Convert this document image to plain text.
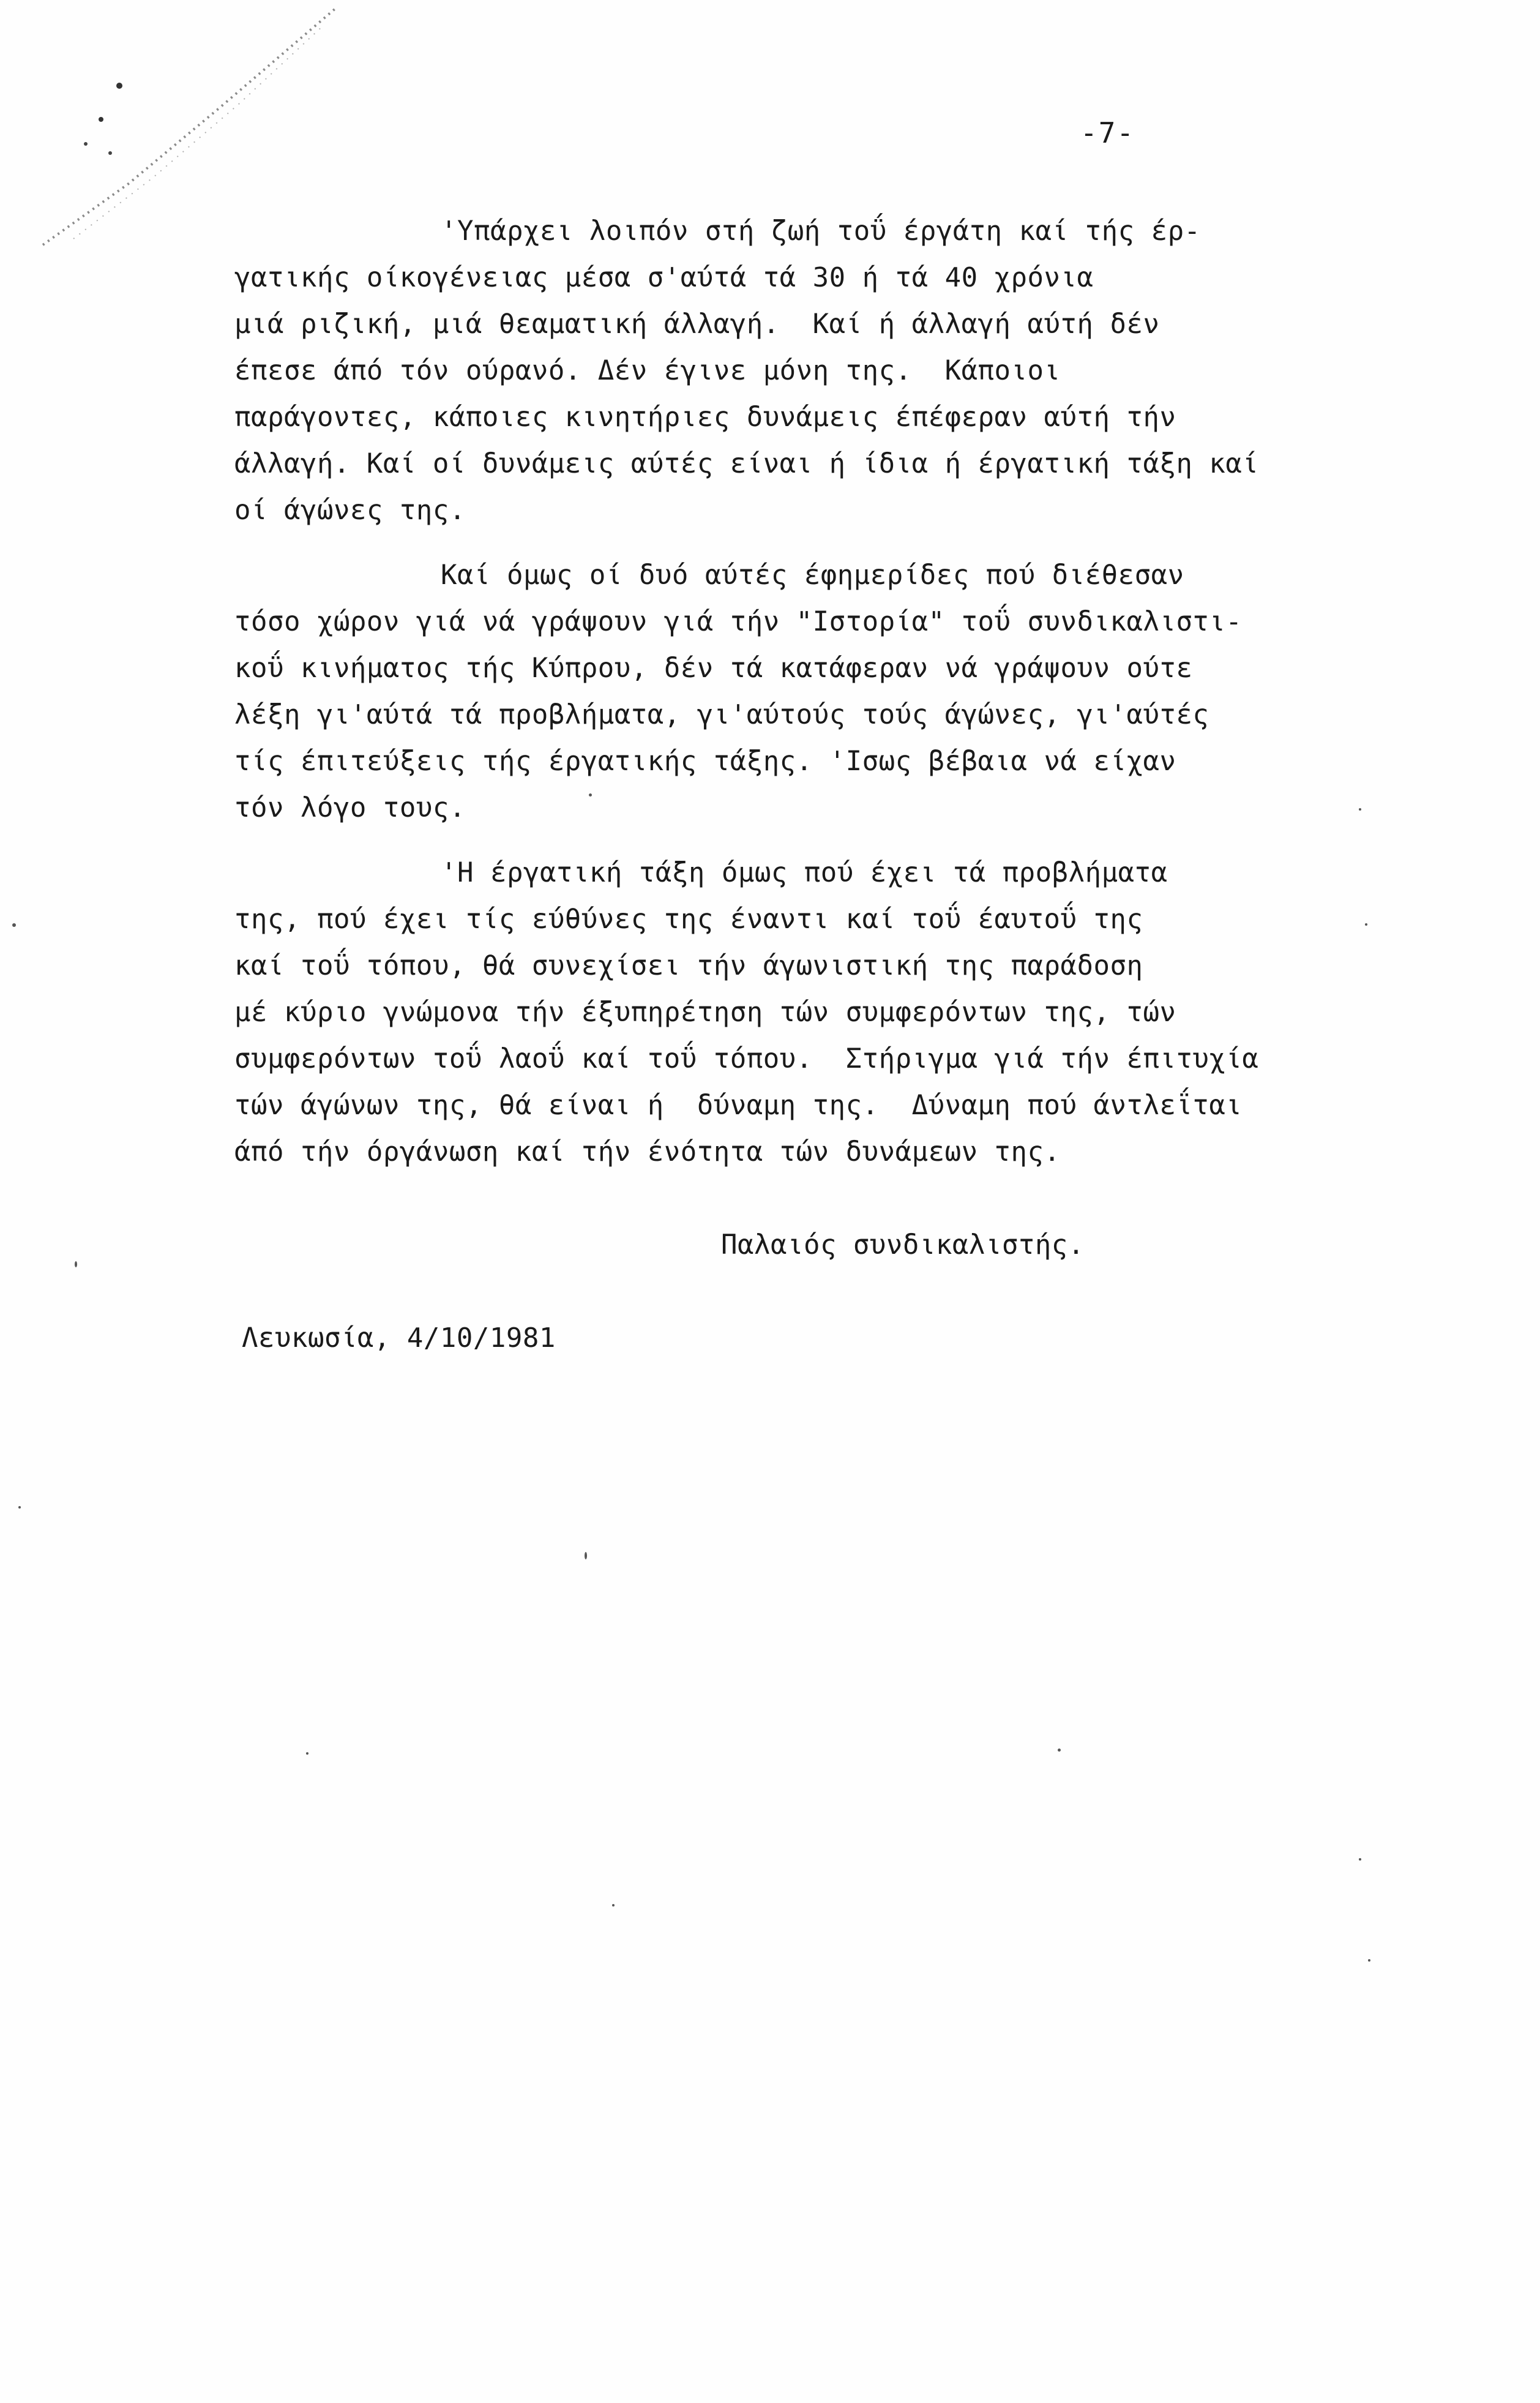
-7-
'Υπάρχει λοιπόν στή ζωή τοΰ έργάτη καί τής έρ-
γατικής οίκογένειας μέσα σ'αύτά τά 30 ή τά 40 χρόνια
μιά ριζική, μιά θεαματική άλλαγή.  Καί ή άλλαγή αύτή δέν
έπεσε άπό τόν ούρανό. Δέν έγινε μόνη της.  Κάποιοι
παράγοντες, κάποιες κινητήριες δυνάμεις έπέφεραν αύτή τήν
άλλαγή. Καί οί δυνάμεις αύτές είναι ή ίδια ή έργατική τάξη καί
οί άγώνες της.
Καί όμως οί δυό αύτές έφημερίδες πού διέθεσαν
τόσο χώρον γιά νά γράψουν γιά τήν "Ιστορία" τοΰ συνδικαλιστι-
κοΰ κινήματος τής Κύπρου, δέν τά κατάφεραν νά γράψουν ούτε
λέξη γι'αύτά τά προβλήματα, γι'αύτούς τούς άγώνες, γι'αύτές
τίς έπιτεύξεις τής έργατικής τάξης. 'Ισως βέβαια νά είχαν
τόν λόγο τους.
'Η έργατική τάξη όμως πού έχει τά προβλήματα
της, πού έχει τίς εύθύνες της έναντι καί τοΰ έαυτοΰ της
καί τοΰ τόπου, θά συνεχίσει τήν άγωνιστική της παράδοση
μέ κύριο γνώμονα τήν έξυπηρέτηση τών συμφερόντων της, τών
συμφερόντων τοΰ λαοΰ καί τοΰ τόπου.  Στήριγμα γιά τήν έπιτυχία
τών άγώνων της, θά είναι ή  δύναμη της.  Δύναμη πού άντλεΐται
άπό τήν όργάνωση καί τήν ένότητα τών δυνάμεων της.
Παλαιός συνδικαλιστής.
Λευκωσία, 4/10/1981
